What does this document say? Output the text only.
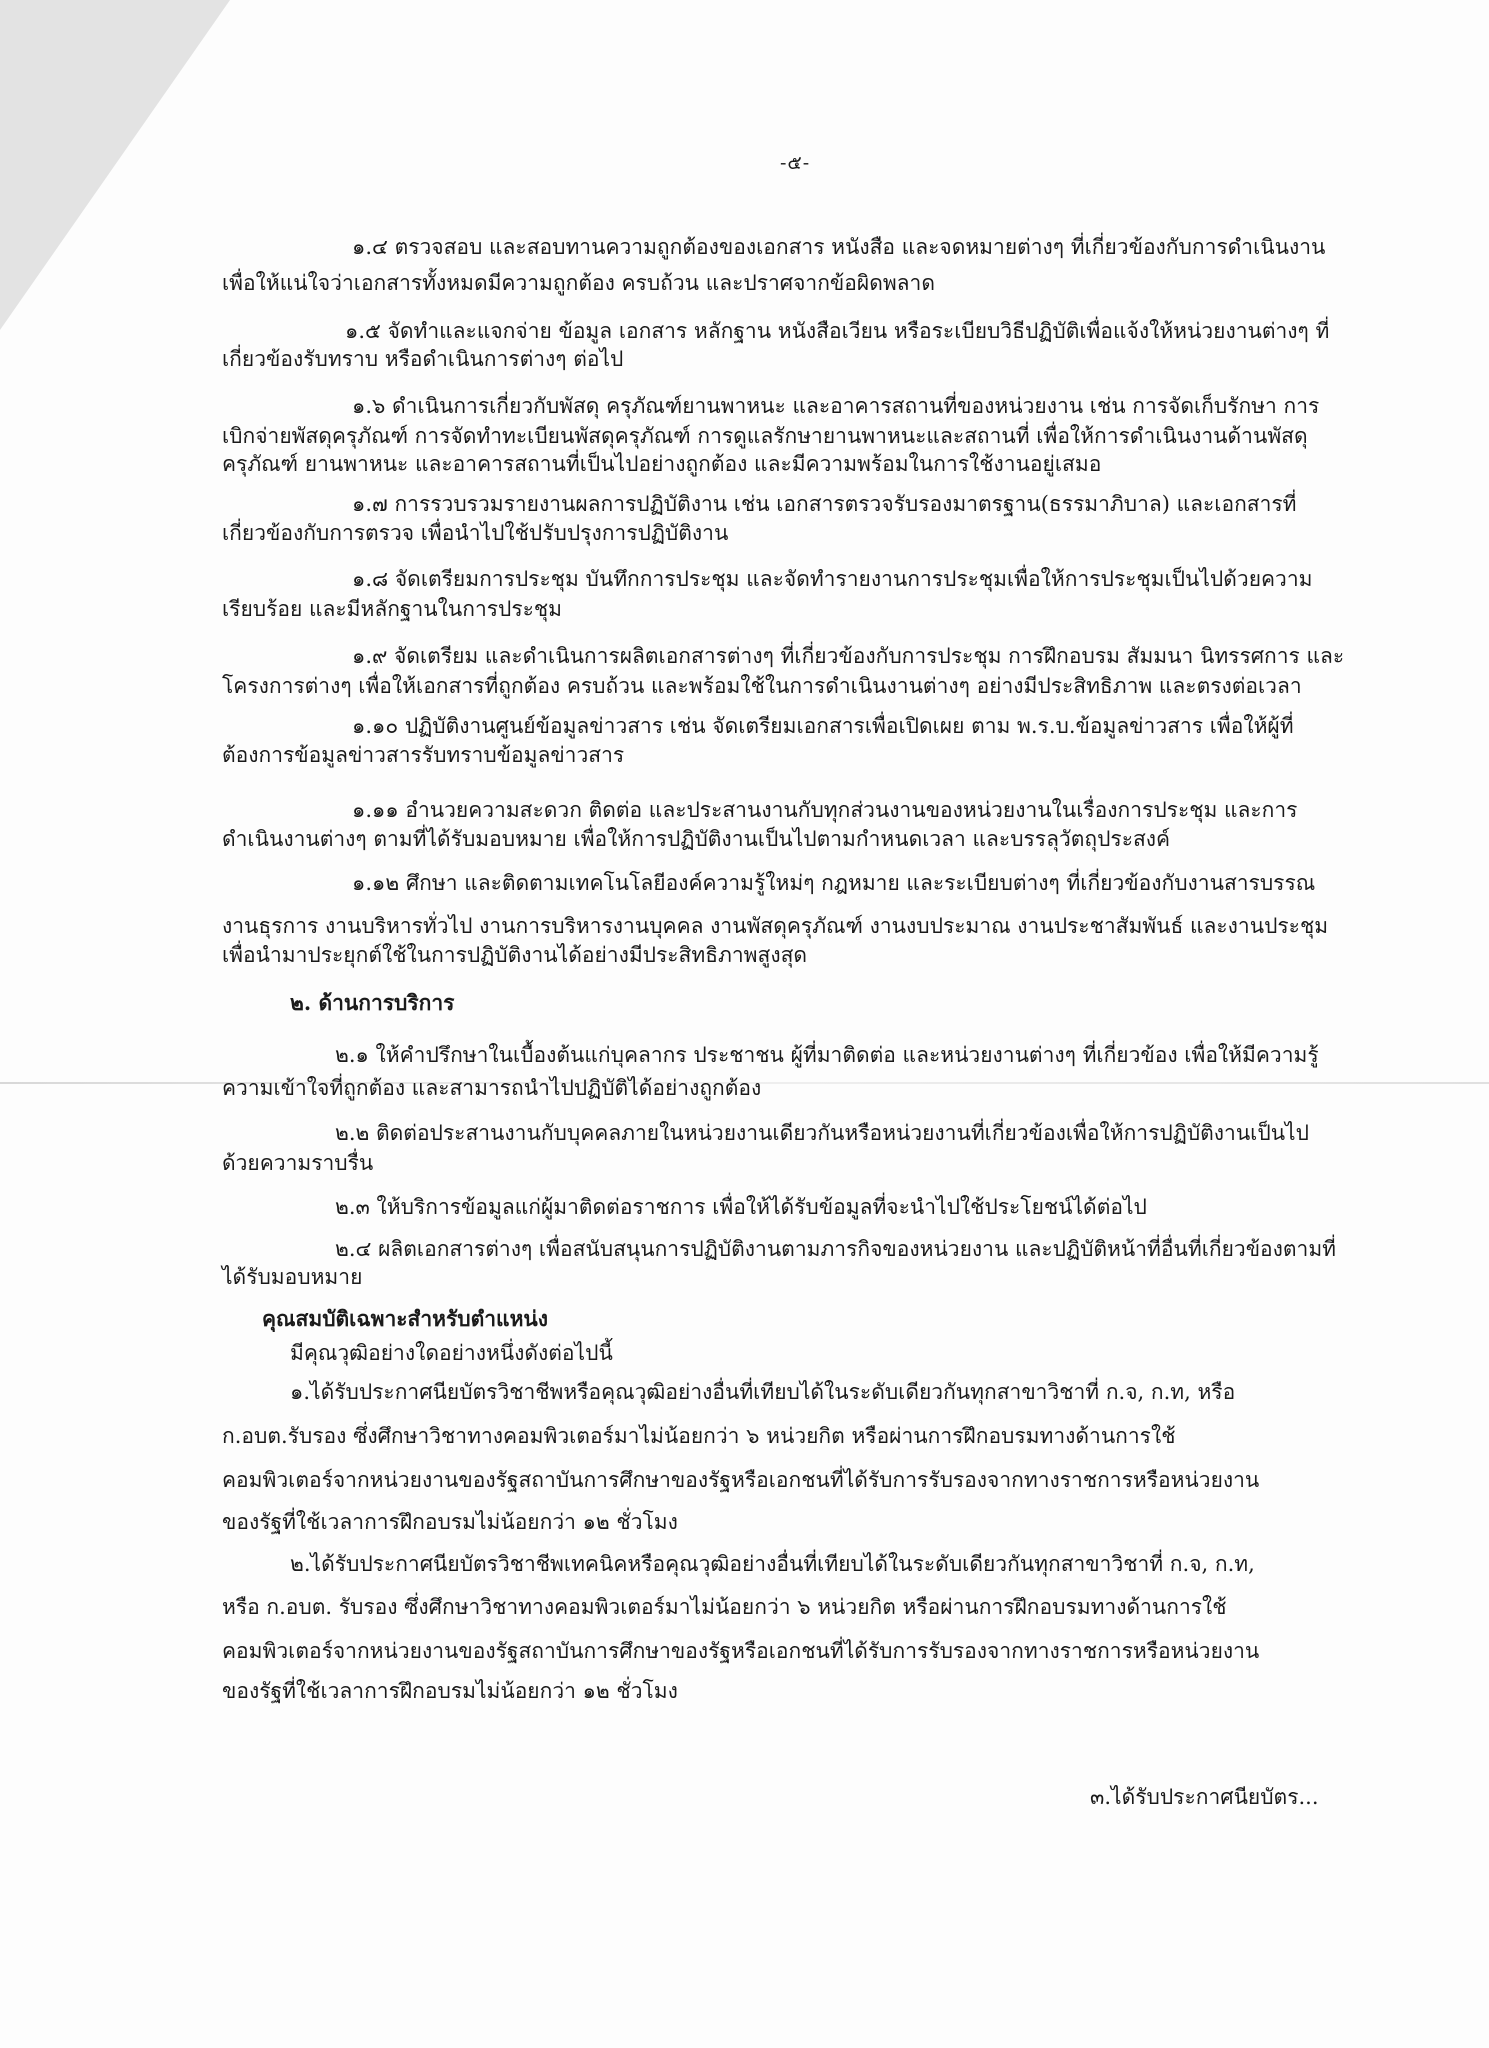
-๕-
๑.๔ ตรวจสอบ และสอบทานความถูกต้องของเอกสาร หนังสือ และจดหมายต่างๆ ที่เกี่ยวข้องกับการดำเนินงาน
เพื่อให้แน่ใจว่าเอกสารทั้งหมดมีความถูกต้อง ครบถ้วน และปราศจากข้อผิดพลาด
๑.๕ จัดทำและแจกจ่าย ข้อมูล เอกสาร หลักฐาน หนังสือเวียน หรือระเบียบวิธีปฏิบัติเพื่อแจ้งให้หน่วยงานต่างๆ ที่
เกี่ยวข้องรับทราบ หรือดำเนินการต่างๆ ต่อไป
๑.๖ ดำเนินการเกี่ยวกับพัสดุ ครุภัณฑ์ยานพาหนะ และอาคารสถานที่ของหน่วยงาน เช่น การจัดเก็บรักษา การ
เบิกจ่ายพัสดุครุภัณฑ์ การจัดทำทะเบียนพัสดุครุภัณฑ์ การดูแลรักษายานพาหนะและสถานที่ เพื่อให้การดำเนินงานด้านพัสดุ
ครุภัณฑ์ ยานพาหนะ และอาคารสถานที่เป็นไปอย่างถูกต้อง และมีความพร้อมในการใช้งานอยู่เสมอ
๑.๗ การรวบรวมรายงานผลการปฏิบัติงาน เช่น เอกสารตรวจรับรองมาตรฐาน(ธรรมาภิบาล) และเอกสารที่
เกี่ยวข้องกับการตรวจ เพื่อนำไปใช้ปรับปรุงการปฏิบัติงาน
๑.๘ จัดเตรียมการประชุม บันทึกการประชุม และจัดทำรายงานการประชุมเพื่อให้การประชุมเป็นไปด้วยความ
เรียบร้อย และมีหลักฐานในการประชุม
๑.๙ จัดเตรียม และดำเนินการผลิตเอกสารต่างๆ ที่เกี่ยวข้องกับการประชุม การฝึกอบรม สัมมนา นิทรรศการ และ
โครงการต่างๆ เพื่อให้เอกสารที่ถูกต้อง ครบถ้วน และพร้อมใช้ในการดำเนินงานต่างๆ อย่างมีประสิทธิภาพ และตรงต่อเวลา
๑.๑๐ ปฏิบัติงานศูนย์ข้อมูลข่าวสาร เช่น จัดเตรียมเอกสารเพื่อเปิดเผย ตาม พ.ร.บ.ข้อมูลข่าวสาร เพื่อให้ผู้ที่
ต้องการข้อมูลข่าวสารรับทราบข้อมูลข่าวสาร
๑.๑๑ อำนวยความสะดวก ติดต่อ และประสานงานกับทุกส่วนงานของหน่วยงานในเรื่องการประชุม และการ
ดำเนินงานต่างๆ ตามที่ได้รับมอบหมาย เพื่อให้การปฏิบัติงานเป็นไปตามกำหนดเวลา และบรรลุวัตถุประสงค์
๑.๑๒ ศึกษา และติดตามเทคโนโลยีองค์ความรู้ใหม่ๆ กฎหมาย และระเบียบต่างๆ ที่เกี่ยวข้องกับงานสารบรรณ
งานธุรการ งานบริหารทั่วไป งานการบริหารงานบุคคล งานพัสดุครุภัณฑ์ งานงบประมาณ งานประชาสัมพันธ์ และงานประชุม
เพื่อนำมาประยุกต์ใช้ในการปฏิบัติงานได้อย่างมีประสิทธิภาพสูงสุด
๒. ด้านการบริการ
๒.๑ ให้คำปรึกษาในเบื้องต้นแก่บุคลากร ประชาชน ผู้ที่มาติดต่อ และหน่วยงานต่างๆ ที่เกี่ยวข้อง เพื่อให้มีความรู้
ความเข้าใจที่ถูกต้อง และสามารถนำไปปฏิบัติได้อย่างถูกต้อง
๒.๒ ติดต่อประสานงานกับบุคคลภายในหน่วยงานเดียวกันหรือหน่วยงานที่เกี่ยวข้องเพื่อให้การปฏิบัติงานเป็นไป
ด้วยความราบรื่น
๒.๓ ให้บริการข้อมูลแก่ผู้มาติดต่อราชการ เพื่อให้ได้รับข้อมูลที่จะนำไปใช้ประโยชน์ได้ต่อไป
๒.๔ ผลิตเอกสารต่างๆ เพื่อสนับสนุนการปฏิบัติงานตามภารกิจของหน่วยงาน และปฏิบัติหน้าที่อื่นที่เกี่ยวข้องตามที่
ได้รับมอบหมาย
คุณสมบัติเฉพาะสำหรับตำแหน่ง
มีคุณวุฒิอย่างใดอย่างหนึ่งดังต่อไปนี้
๑.ได้รับประกาศนียบัตรวิชาชีพหรือคุณวุฒิอย่างอื่นที่เทียบได้ในระดับเดียวกันทุกสาขาวิชาที่ ก.จ, ก.ท, หรือ
ก.อบต.รับรอง ซึ่งศึกษาวิชาทางคอมพิวเตอร์มาไม่น้อยกว่า ๖ หน่วยกิต หรือผ่านการฝึกอบรมทางด้านการใช้
คอมพิวเตอร์จากหน่วยงานของรัฐสถาบันการศึกษาของรัฐหรือเอกชนที่ได้รับการรับรองจากทางราชการหรือหน่วยงาน
ของรัฐที่ใช้เวลาการฝึกอบรมไม่น้อยกว่า ๑๒ ชั่วโมง
๒.ได้รับประกาศนียบัตรวิชาชีพเทคนิคหรือคุณวุฒิอย่างอื่นที่เทียบได้ในระดับเดียวกันทุกสาขาวิชาที่ ก.จ, ก.ท,
หรือ ก.อบต. รับรอง ซึ่งศึกษาวิชาทางคอมพิวเตอร์มาไม่น้อยกว่า ๖ หน่วยกิต หรือผ่านการฝึกอบรมทางด้านการใช้
คอมพิวเตอร์จากหน่วยงานของรัฐสถาบันการศึกษาของรัฐหรือเอกชนที่ได้รับการรับรองจากทางราชการหรือหน่วยงาน
ของรัฐที่ใช้เวลาการฝึกอบรมไม่น้อยกว่า ๑๒ ชั่วโมง
๓.ได้รับประกาศนียบัตร...
